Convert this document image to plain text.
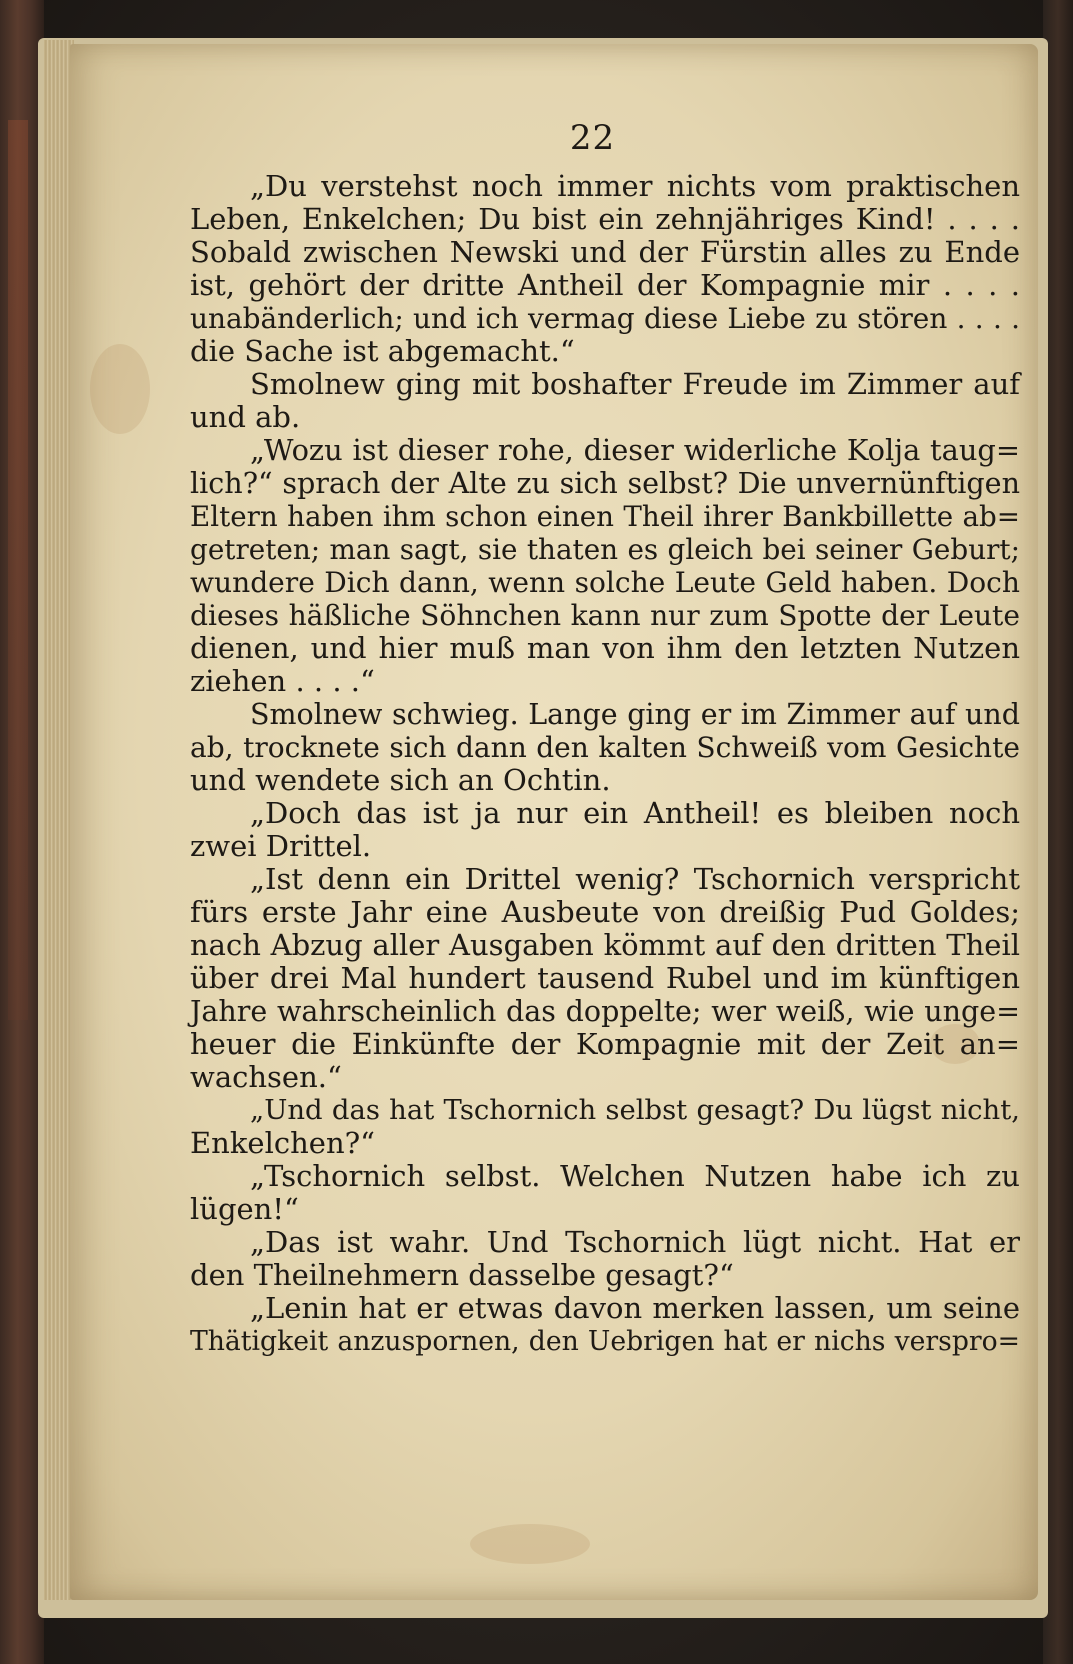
22
„Du verstehst noch immer nichts vom praktischen
Leben, Enkelchen; Du bist ein zehnjähriges Kind! . . . .
Sobald zwischen Newski und der Fürstin alles zu Ende
ist, gehört der dritte Antheil der Kompagnie mir . . . .
unabänderlich; und ich vermag diese Liebe zu stören . . . .
die Sache ist abgemacht.“
Smolnew ging mit boshafter Freude im Zimmer auf
und ab.
„Wozu ist dieser rohe, dieser widerliche Kolja taug=
lich?“ sprach der Alte zu sich selbst? Die unvernünftigen
Eltern haben ihm schon einen Theil ihrer Bankbillette ab=
getreten; man sagt, sie thaten es gleich bei seiner Geburt;
wundere Dich dann, wenn solche Leute Geld haben. Doch
dieses häßliche Söhnchen kann nur zum Spotte der Leute
dienen, und hier muß man von ihm den letzten Nutzen
ziehen . . . .“
Smolnew schwieg. Lange ging er im Zimmer auf und
ab, trocknete sich dann den kalten Schweiß vom Gesichte
und wendete sich an Ochtin.
„Doch das ist ja nur ein Antheil! es bleiben noch
zwei Drittel.
„Ist denn ein Drittel wenig? Tschornich verspricht
fürs erste Jahr eine Ausbeute von dreißig Pud Goldes;
nach Abzug aller Ausgaben kömmt auf den dritten Theil
über drei Mal hundert tausend Rubel und im künftigen
Jahre wahrscheinlich das doppelte; wer weiß, wie unge=
heuer die Einkünfte der Kompagnie mit der Zeit an=
wachsen.“
„Und das hat Tschornich selbst gesagt? Du lügst nicht,
Enkelchen?“
„Tschornich selbst. Welchen Nutzen habe ich zu
lügen!“
„Das ist wahr. Und Tschornich lügt nicht. Hat er
den Theilnehmern dasselbe gesagt?“
„Lenin hat er etwas davon merken lassen, um seine
Thätigkeit anzuspornen, den Uebrigen hat er nichs verspro=
